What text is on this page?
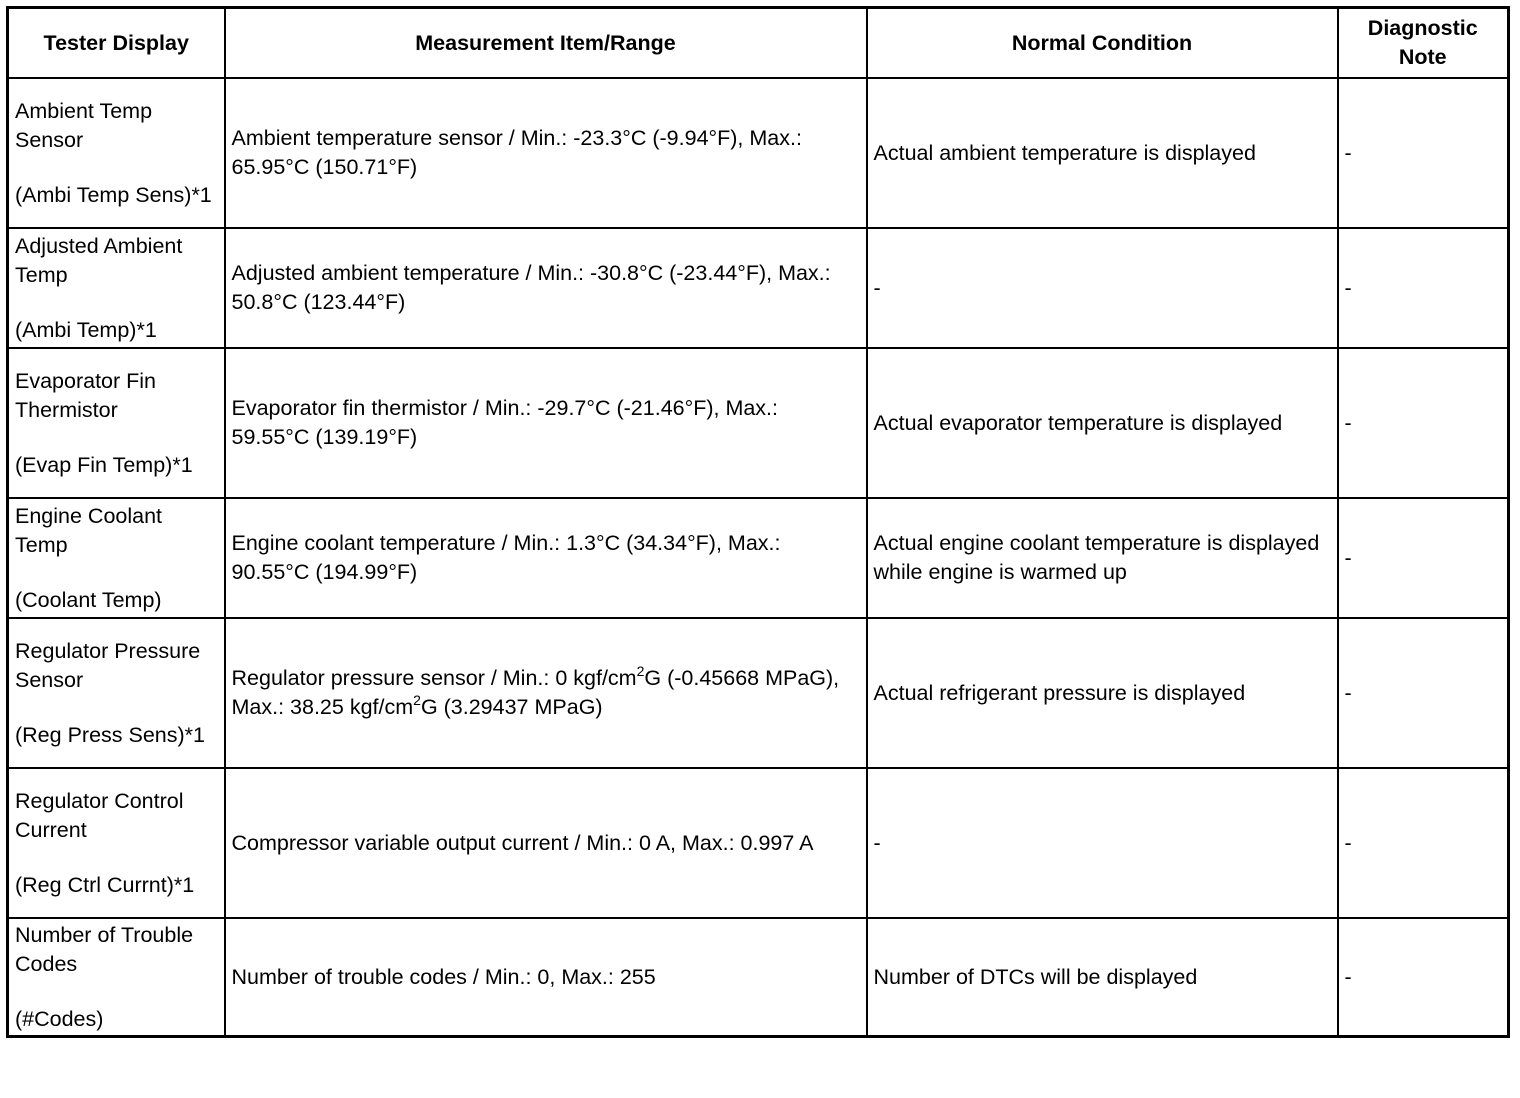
Tester Display	Measurement Item/Range	Normal Condition	Diagnostic Note

Ambient Temp Sensor
(Ambi Temp Sens)*1	Ambient temperature sensor / Min.: -23.3°C (-9.94°F), Max.: 65.95°C (150.71°F)	Actual ambient temperature is displayed	-

Adjusted Ambient Temp
(Ambi Temp)*1	Adjusted ambient temperature / Min.: -30.8°C (-23.44°F), Max.: 50.8°C (123.44°F)	-	-

Evaporator Fin Thermistor
(Evap Fin Temp)*1	Evaporator fin thermistor / Min.: -29.7°C (-21.46°F), Max.: 59.55°C (139.19°F)	Actual evaporator temperature is displayed	-

Engine Coolant Temp
(Coolant Temp)	Engine coolant temperature / Min.: 1.3°C (34.34°F), Max.: 90.55°C (194.99°F)	Actual engine coolant temperature is displayed while engine is warmed up	-

Regulator Pressure Sensor
(Reg Press Sens)*1	Regulator pressure sensor / Min.: 0 kgf/$cm^2G$ (-0.45668 MPaG), Max.: 38.25 kgf/$cm^2G$ (3.29437 MPaG)	Actual refrigerant pressure is displayed	-

Regulator Control Current
(Reg Ctrl Currnt)*1	Compressor variable output current / Min.: 0 A, Max.: 0.997 A	-	-

Number of Trouble Codes
(#Codes)	Number of trouble codes / Min.: 0, Max.: 255	Number of DTCs will be displayed	-
